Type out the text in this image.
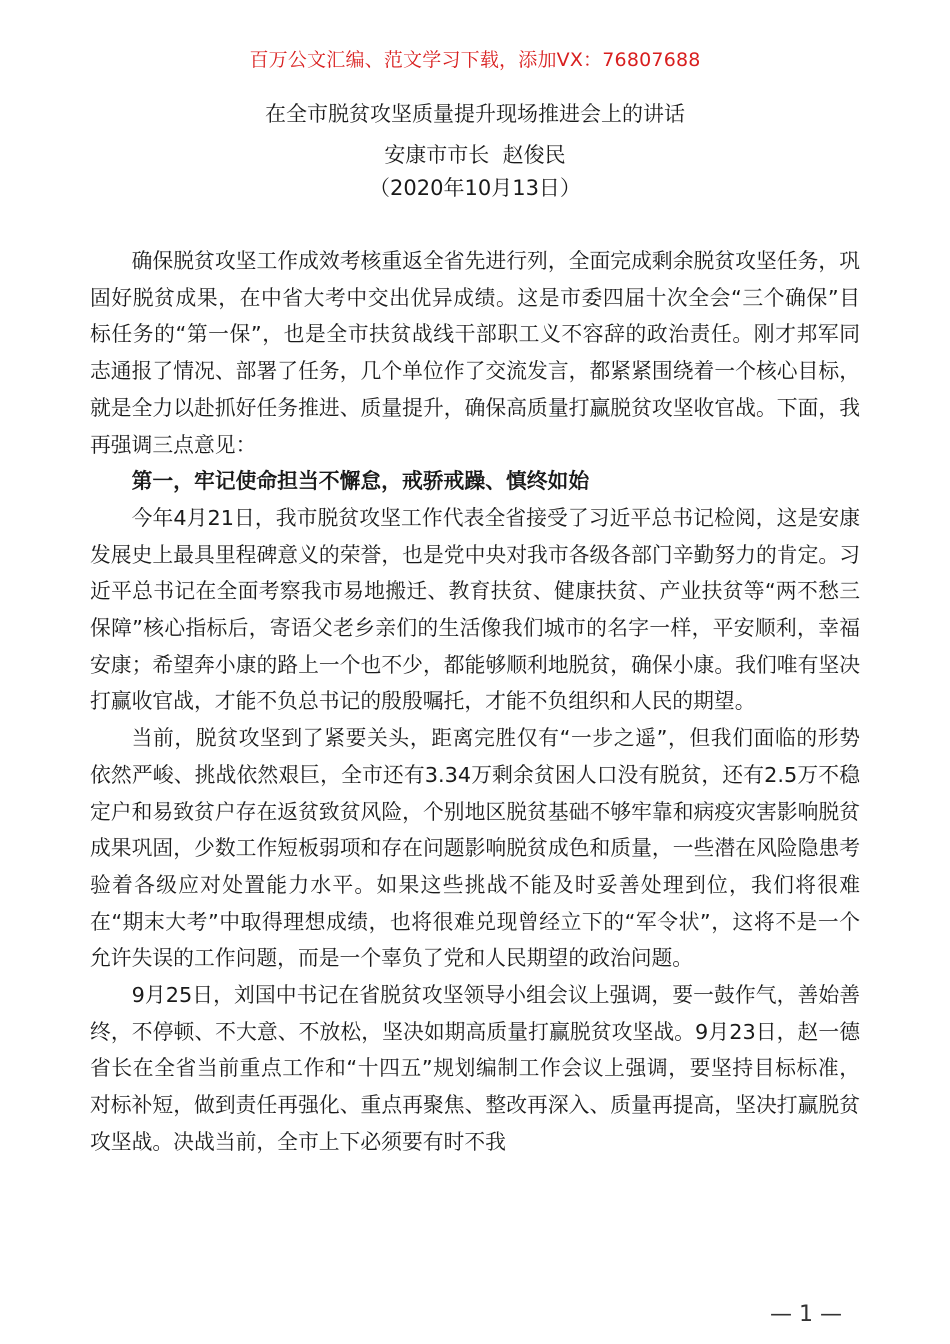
百万公文汇编、范文学习下载，添加VX：76807688
在全市脱贫攻坚质量提升现场推进会上的讲话
安康市市长  赵俊民
（2020年10月13日）

确保脱贫攻坚工作成效考核重返全省先进行列，全面完成剩余脱贫攻坚任务，巩固好脱贫成果，在中省大考中交出优异成绩。这是市委四届十次全会“三个确保”目标任务的“第一保”，也是全市扶贫战线干部职工义不容辞的政治责任。刚才邦军同志通报了情况、部署了任务，几个单位作了交流发言，都紧紧围绕着一个核心目标，就是全力以赴抓好任务推进、质量提升，确保高质量打赢脱贫攻坚收官战。下面，我再强调三点意见：

第一，牢记使命担当不懈怠，戒骄戒躁、慎终如始

今年4月21日，我市脱贫攻坚工作代表全省接受了习近平总书记检阅，这是安康发展史上最具里程碑意义的荣誉，也是党中央对我市各级各部门辛勤努力的肯定。习近平总书记在全面考察我市易地搬迁、教育扶贫、健康扶贫、产业扶贫等“两不愁三保障”核心指标后，寄语父老乡亲们的生活像我们城市的名字一样，平安顺利，幸福安康；希望奔小康的路上一个也不少，都能够顺利地脱贫，确保小康。我们唯有坚决打赢收官战，才能不负总书记的殷殷嘱托，才能不负组织和人民的期望。

当前，脱贫攻坚到了紧要关头，距离完胜仅有“一步之遥”，但我们面临的形势依然严峻、挑战依然艰巨，全市还有3.34万剩余贫困人口没有脱贫，还有2.5万不稳定户和易致贫户存在返贫致贫风险，个别地区脱贫基础不够牢靠和病疫灾害影响脱贫成果巩固，少数工作短板弱项和存在问题影响脱贫成色和质量，一些潜在风险隐患考验着各级应对处置能力水平。如果这些挑战不能及时妥善处理到位，我们将很难在“期末大考”中取得理想成绩，也将很难兑现曾经立下的“军令状”，这将不是一个允许失误的工作问题，而是一个辜负了党和人民期望的政治问题。

9月25日，刘国中书记在省脱贫攻坚领导小组会议上强调，要一鼓作气，善始善终，不停顿、不大意、不放松，坚决如期高质量打赢脱贫攻坚战。9月23日，赵一德省长在全省当前重点工作和“十四五”规划编制工作会议上强调，要坚持目标标准，对标补短，做到责任再强化、重点再聚焦、整改再深入、质量再提高，坚决打赢脱贫攻坚战。决战当前，全市上下必须要有时不我

— 1 —
